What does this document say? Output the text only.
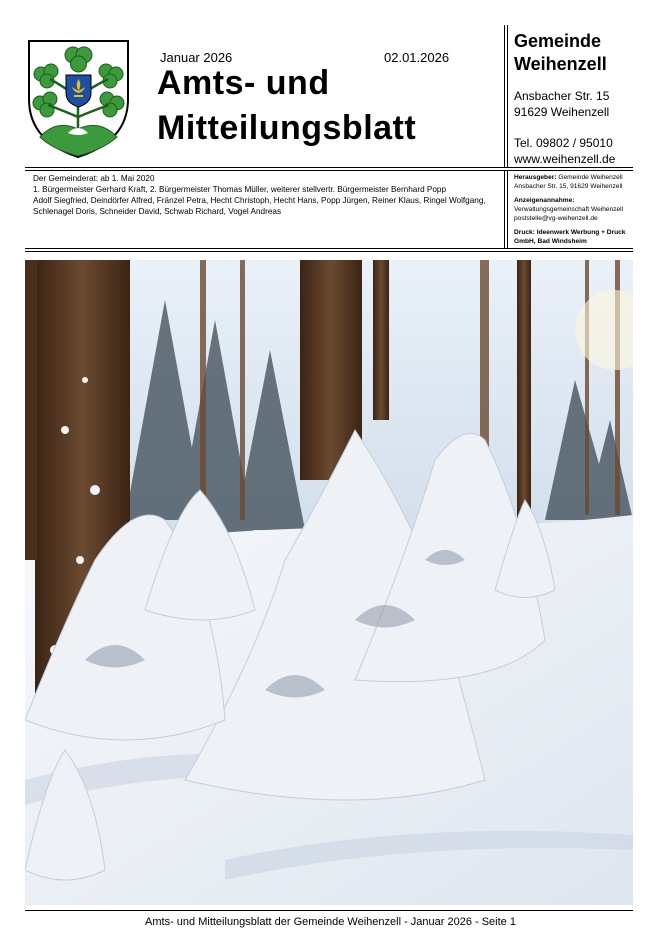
Januar 2026	02.01.2026
Amts- und
Mitteilungsblatt
Gemeinde
Weihenzell
Ansbacher Str. 15
91629 Weihenzell
Tel. 09802 / 95010
www.weihenzell.de
Der Gemeinderat: ab 1. Mai 2020
1. Bürgermeister Gerhard Kraft, 2. Bürgermeister Thomas Müller, weiterer stellvertr. Bürgermeister Bernhard Popp
Adolf Siegfried, Deindörfer Alfred, Fränzel Petra, Hecht Christoph, Hecht Hans, Popp Jürgen, Reiner Klaus, Ringel Wolfgang,
Schlenagel Doris, Schneider David, Schwab Richard, Vogel Andreas
Herausgeber: Gemeinde Weihenzell
Ansbacher Str. 15, 91629 Weihenzell
Anzeigenannahme:
Verwaltungsgemeinschaft Weihenzell
poststelle@vg-weihenzell.de
Druck: Ideenwerk Werbung + Druck
GmbH, Bad Windsheim
Amts- und Mitteilungsblatt der Gemeinde Weihenzell - Januar 2026 - Seite 1
